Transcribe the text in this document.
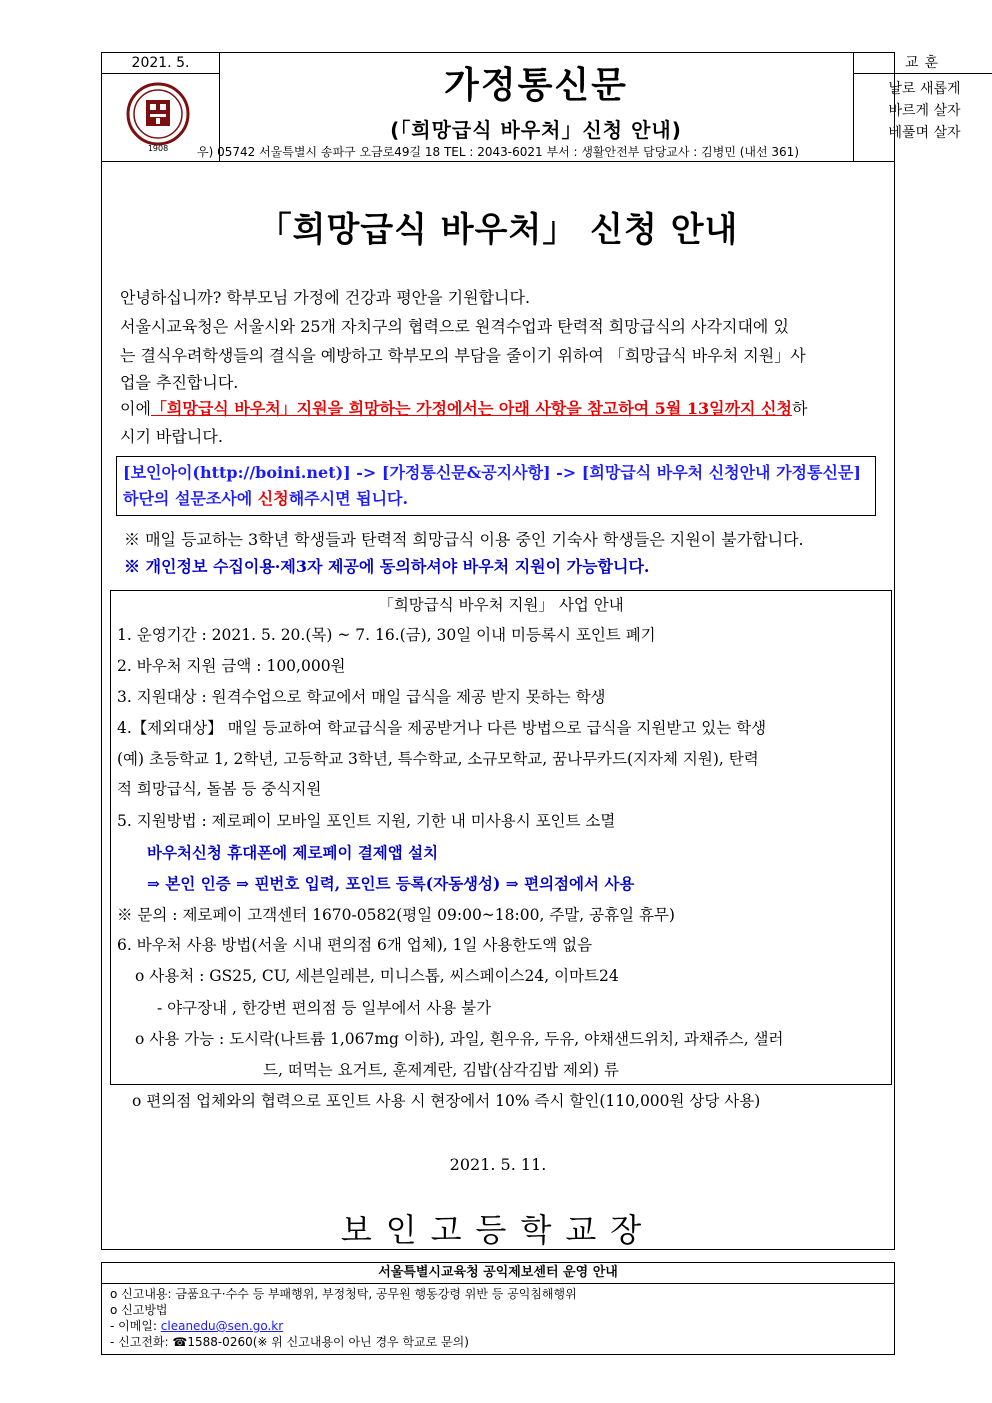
2021. 5.
1908
가정통신문
(「희망급식 바우처」신청 안내)
교훈
날로 새롭게
바르게 살자
베풀며 살자
우) 05742 서울특별시 송파구 오금로49길 18 TEL : 2043-6021 부서 : 생활안전부 담당교사 : 김병민 (내선 361)
「희망급식 바우처」 신청 안내
안녕하십니까? 학부모님 가정에 건강과 평안을 기원합니다.
서울시교육청은 서울시와 25개 자치구의 협력으로 원격수업과 탄력적 희망급식의 사각지대에 있
는 결식우려학생들의 결식을 예방하고 학부모의 부담을 줄이기 위하여 「희망급식 바우처 지원」사
업을 추진합니다.
이에「희망급식 바우처」지원을 희망하는 가정에서는 아래 사항을 참고하여 5월 13일까지 신청하
시기 바랍니다.
[보인아이(http://boini.net)] -> [가정통신문&공지사항] -> [희망급식 바우처 신청안내 가정통신문]
하단의 설문조사에 신청해주시면 됩니다.
※ 매일 등교하는 3학년 학생들과 탄력적 희망급식 이용 중인 기숙사 학생들은 지원이 불가합니다.
※ 개인정보 수집이용·제3자 제공에 동의하셔야 바우처 지원이 가능합니다.
「희망급식 바우처 지원」 사업 안내
1. 운영기간 : 2021. 5. 20.(목) ~ 7. 16.(금), 30일 이내 미등록시 포인트 폐기
2. 바우처 지원 금액 : 100,000원
3. 지원대상 : 원격수업으로 학교에서 매일 급식을 제공 받지 못하는 학생
4.【제외대상】 매일 등교하여 학교급식을 제공받거나 다른 방법으로 급식을 지원받고 있는 학생
(예) 초등학교 1, 2학년, 고등학교 3학년, 특수학교, 소규모학교, 꿈나무카드(지자체 지원), 탄력
적 희망급식, 돌봄 등 중식지원
5. 지원방법 : 제로페이 모바일 포인트 지원, 기한 내 미사용시 포인트 소멸
바우처신청 휴대폰에 제로페이 결제앱 설치
⇒ 본인 인증 ⇒ 핀번호 입력, 포인트 등록(자동생성) ⇒ 편의점에서 사용
※ 문의 : 제로페이 고객센터 1670-0582(평일 09:00~18:00, 주말, 공휴일 휴무)
6. 바우처 사용 방법(서울 시내 편의점 6개 업체), 1일 사용한도액 없음
o 사용처 : GS25, CU, 세븐일레븐, 미니스톱, 씨스페이스24, 이마트24
- 야구장내 , 한강변 편의점 등 일부에서 사용 불가
o 사용 가능 : 도시락(나트륨 1,067mg 이하), 과일, 흰우유, 두유, 야채샌드위치, 과채쥬스, 샐러
드, 떠먹는 요거트, 훈제계란, 김밥(삼각김밥 제외) 류
o 편의점 업체와의 협력으로 포인트 사용 시 현장에서 10% 즉시 할인(110,000원 상당 사용)
2021. 5. 11.
보인고등학교장
서울특별시교육청 공익제보센터 운영 안내
o 신고내용: 금품요구·수수 등 부패행위, 부정청탁, 공무원 행동강령 위반 등 공익침해행위
o 신고방법
- 이메일: cleanedu@sen.go.kr
- 신고전화: ☎1588-0260(※ 위 신고내용이 아닌 경우 학교로 문의)
